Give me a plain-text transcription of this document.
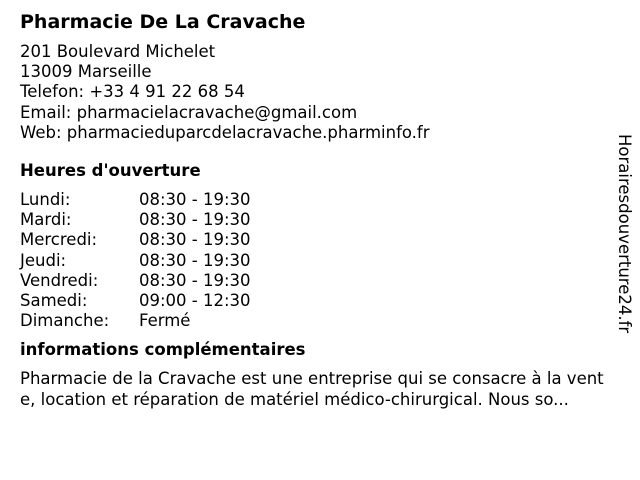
Pharmacie De La Cravache
201 Boulevard Michelet
13009 Marseille
Telefon: +33 4 91 22 68 54
Email: pharmacielacravache@gmail.com
Web: pharmacieduparcdelacravache.pharminfo.fr
Heures d'ouverture
Lundi:	08:30 - 19:30
Mardi:	08:30 - 19:30
Mercredi:	08:30 - 19:30
Jeudi:	08:30 - 19:30
Vendredi:	08:30 - 19:30
Samedi:	09:00 - 12:30
Dimanche:	Fermé
informations complémentaires

Pharmacie de la Cravache est une entreprise qui se consacre à la vente, location et réparation de matériel médico-chirurgical. Nous so...

Horairesdouverture24.fr
